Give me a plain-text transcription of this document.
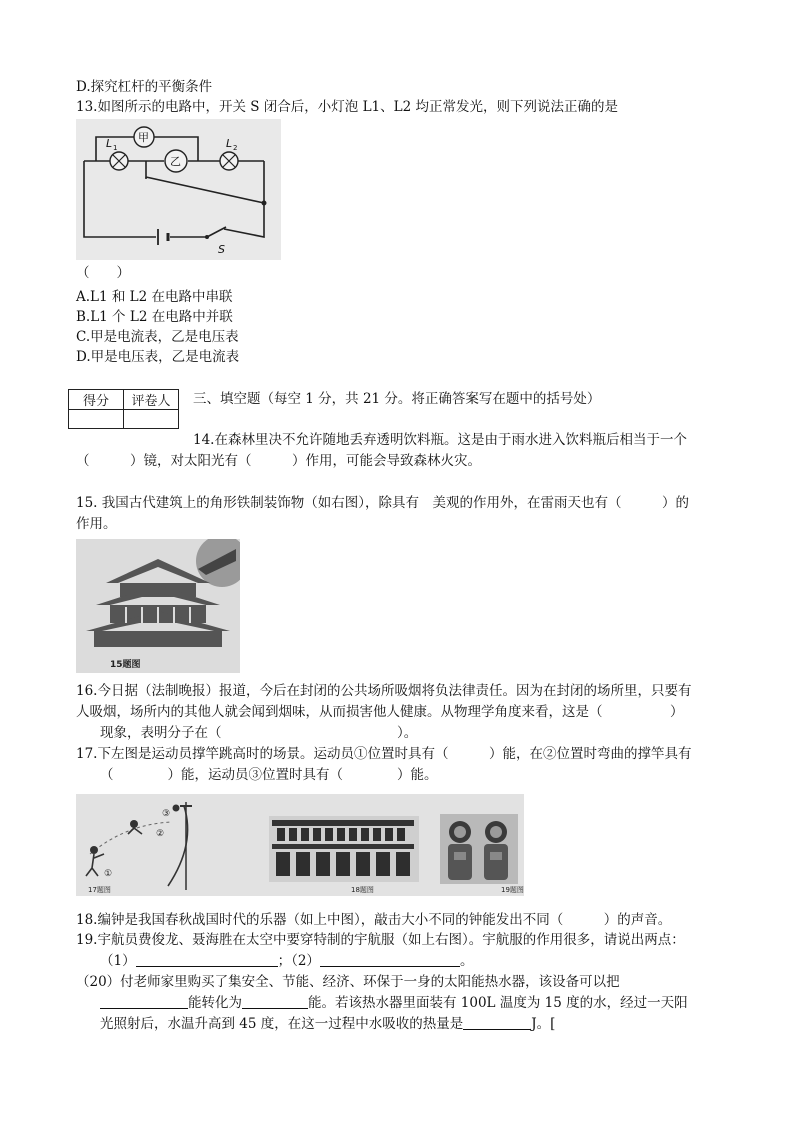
D.探究杠杆的平衡条件
13.如图所示的电路中，开关 S 闭合后，小灯泡 L1、L2 均正常发光，则下列说法正确的是
甲
乙
L 1	L 2
S
（　　）
A.L1 和 L2 在电路中串联
B.L1 个 L2 在电路中并联
C.甲是电流表，乙是电压表
D.甲是电压表，乙是电流表
得分	评卷人
	三、填空题（每空 1 分，共 21 分。将正确答案写在题中的括号处）
14.在森林里决不允许随地丢弃透明饮料瓶。这是由于雨水进入饮料瓶后相当于一个
（　　　）镜，对太阳光有（　　　）作用，可能会导致森林火灾。
15. 我国古代建筑上的角形铁制装饰物（如右图），除具有　美观的作用外，在雷雨天也有（　　　）的
作用。
15题图
16.今日据（法制晚报）报道，今后在封闭的公共场所吸烟将负法律责任。因为在封闭的场所里，只要有
人吸烟，场所内的其他人就会闻到烟味，从而损害他人健康。从物理学角度来看，这是（　　　　　）
现象，表明分子在（　　　　　　　　　　　　　）。
17.下左图是运动员撑竿跳高时的场景。运动员①位置时具有（　　　）能，在②位置时弯曲的撑竿具有
（　　　　）能，运动员③位置时具有（　　　　）能。
①
②
③
17题图	18题图	19题图
18.编钟是我国春秋战国时代的乐器（如上中图），敲击大小不同的钟能发出不同（　　　）的声音。
19.宇航员费俊龙、聂海胜在太空中要穿特制的宇航服（如上右图）。宇航服的作用很多，请说出两点：
（1）	；（2）	。
（20）付老师家里购买了集安全、节能、经济、环保于一身的太阳能热水器，该设备可以把
能转化为	能。若该热水器里面装有 100L 温度为 15 度的水，经过一天阳
光照射后，水温升高到 45 度，在这一过程中水吸收的热量是	J。[
